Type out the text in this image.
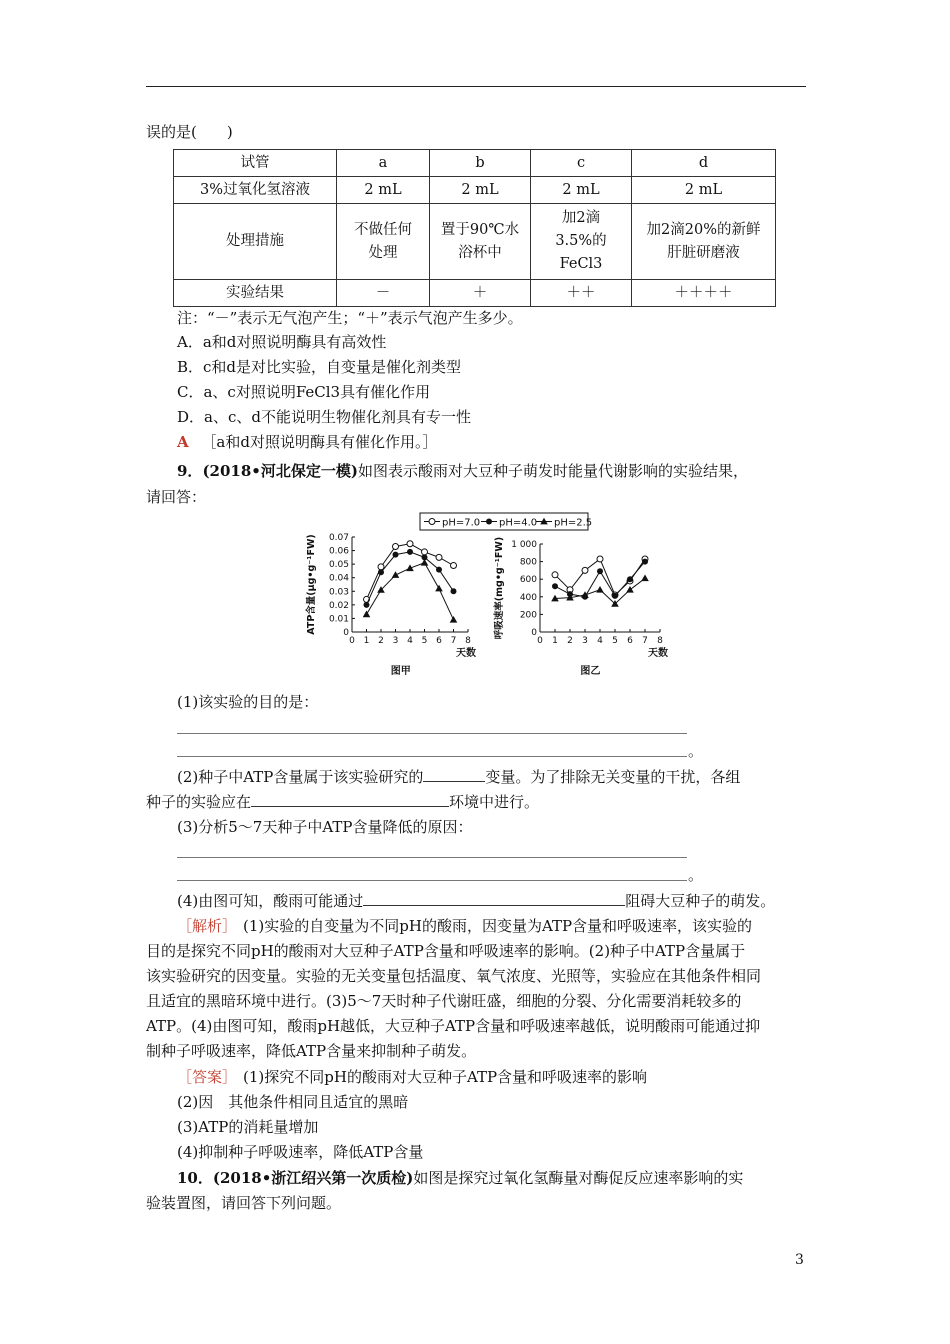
误的是(　　)
试管	a	b	c	d
3%过氧化氢溶液	2 mL	2 mL	2 mL	2 mL
处理措施	不做任何处理	置于90℃水浴杯中	加2滴3.5%的FeCl3	加2滴20%的新鲜肝脏研磨液
实验结果	－	＋	＋＋	＋＋＋＋
注：“－”表示无气泡产生；“＋”表示气泡产生多少。
A．a和d对照说明酶具有高效性
B．c和d是对比实验，自变量是催化剂类型
C．a、c对照说明FeCl3具有催化作用
D．a、c、d不能说明生物催化剂具有专一性
A ［a和d对照说明酶具有催化作用。］
9．(2018•河北保定一模)如图表示酸雨对大豆种子萌发时能量代谢影响的实验结果，
请回答：
pH=7.0 pH=4.0 pH=2.5
0 1 2 3 4 5 6 7 8
0
0.01
0.02
0.03
0.04
0.05
0.06
0.07
天数
图甲
ATP含量(μg•g⁻¹FW)
0 1 2 3 4 5 6 7 8
0
200
400
600
800
1 000
天数
图乙
呼吸速率(mg•g⁻¹FW)
(1)该实验的目的是：
。
(2)种子中ATP含量属于该实验研究的	变量。为了排除无关变量的干扰，各组
种子的实验应在	环境中进行。
(3)分析5～7天种子中ATP含量降低的原因：
。
(4)由图可知，酸雨可能通过	阻碍大豆种子的萌发。
［解析］ (1)实验的自变量为不同pH的酸雨，因变量为ATP含量和呼吸速率，该实验的
目的是探究不同pH的酸雨对大豆种子ATP含量和呼吸速率的影响。(2)种子中ATP含量属于
该实验研究的因变量。实验的无关变量包括温度、氧气浓度、光照等，实验应在其他条件相同
且适宜的黑暗环境中进行。(3)5～7天时种子代谢旺盛，细胞的分裂、分化需要消耗较多的
ATP。(4)由图可知，酸雨pH越低，大豆种子ATP含量和呼吸速率越低，说明酸雨可能通过抑
制种子呼吸速率，降低ATP含量来抑制种子萌发。
［答案］ (1)探究不同pH的酸雨对大豆种子ATP含量和呼吸速率的影响
(2)因　其他条件相同且适宜的黑暗
(3)ATP的消耗量增加
(4)抑制种子呼吸速率，降低ATP含量
10．(2018•浙江绍兴第一次质检)如图是探究过氧化氢酶量对酶促反应速率影响的实
验装置图，请回答下列问题。
3
